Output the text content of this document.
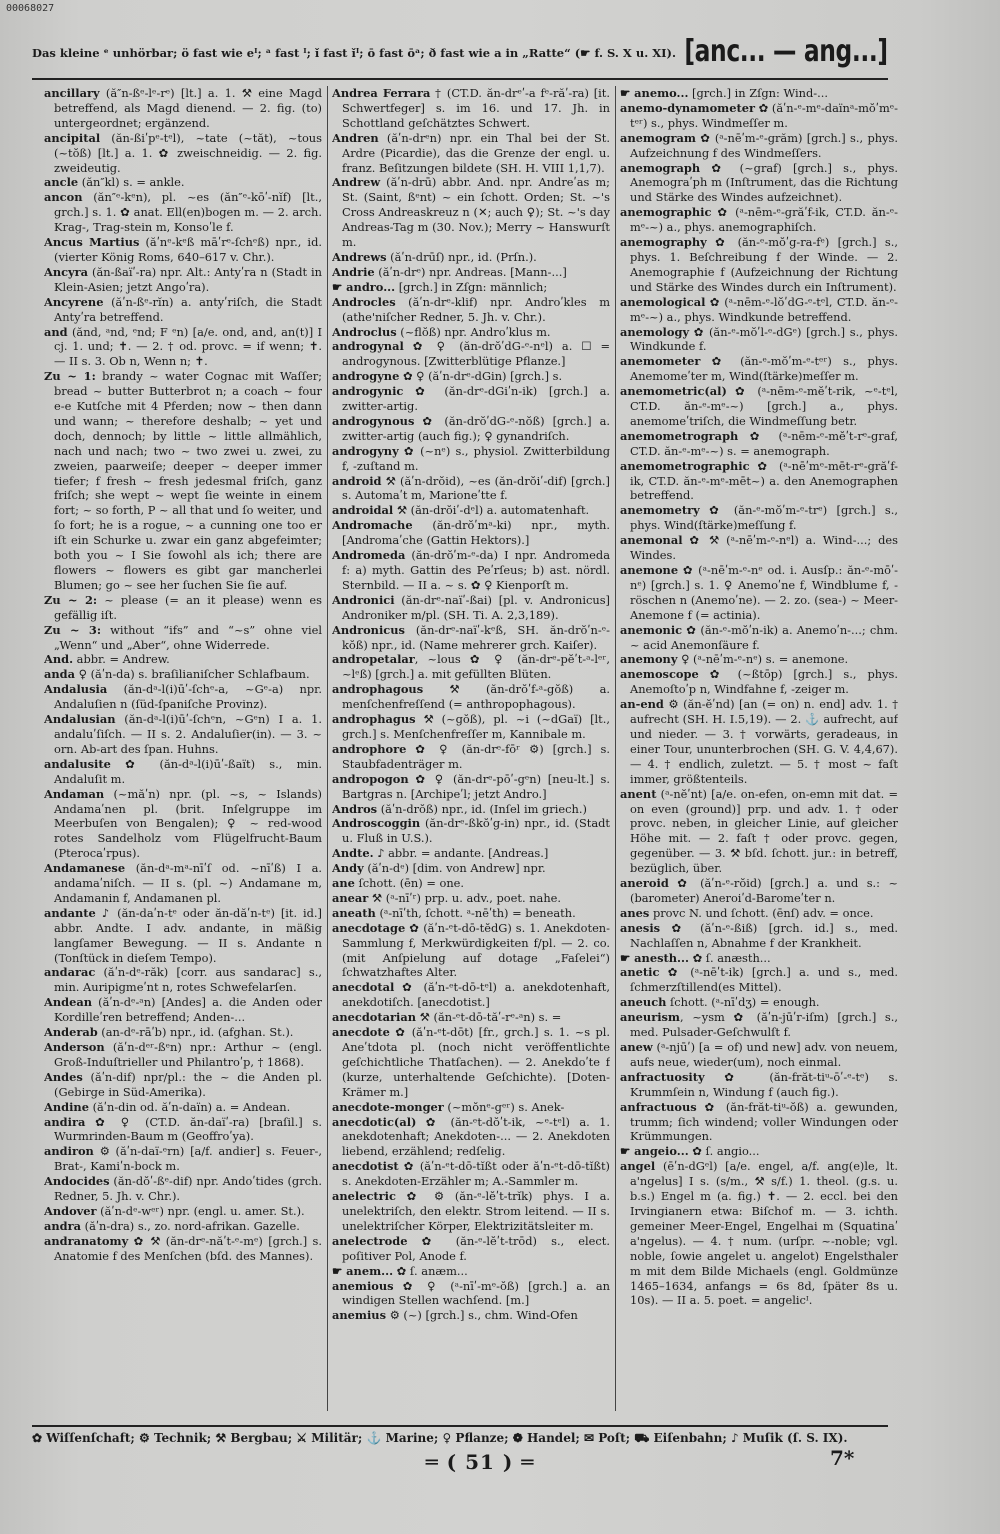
00068027
Das kleine ᵉ unhörbar; ö fast wie eᴵ; ᵃ fast ᴵ; ǐ fast ǐᴵ; ō fast ōᵃ; ð fast wie a in „Ratte“ (☛ f. S. X u. XI). [anc... — ang...]

ancillary (ă″n-ßᵉ-lᵉ-rᵉ) [lt.] a. 1. ⚒ eine Magd betreffend, als Magd dienend. — 2. fig. (to) untergeordnet; ergänzend.

ancipital (ăn-ßiʹpᵉ-tᵉl), ~tate (~tăt), ~tous (~tŏß) [lt.] a. 1. ✿ zweischneidig. — 2. fig. zweideutig.

ancle (ăn″kl) s. = ankle.

ancon (ăn″ᵉ-kᵉn), pl. ~es (ăn″ᵉ-kōʹ-nĭf) [lt., grch.] s. 1. ✿ anat. Ell(en)bogen m. — 2. arch. Krag-, Trag-stein m, Konsoʹle f.

Ancus Martius (ăʹnᵉ-kᵉß māʹrᵉ-ſchᵉß) npr., id. (vierter König Roms, 640–617 v. Chr.).

Ancyra (ăn-ßaïʹ-ra) npr. Alt.: Antyʹra n (Stadt in Klein-Asien; jetzt Angoʹra).

Ancyrene (ăʹn-ßᵉ-rĭn) a. antyʹriſch, die Stadt Antyʹra betreffend.

and (ănd, ᵃnd, ᵉnd; F ᵉn) [a/e. ond, and, an(t)] I cj. 1. und; ✝. — 2. † od. provc. = if wenn; ✝. — II s. 3. Ob n, Wenn n; ✝.

Zu ~ 1: brandy ~ water Cognac mit Waſſer; bread ~ butter Butterbrot n; a coach ~ four e-e Kutſche mit 4 Pferden; now ~ then dann und wann; ~ therefore deshalb; ~ yet und doch, dennoch; by little ~ little allmählich, nach und nach; two ~ two zwei u. zwei, zu zweien, paarweiſe; deeper ~ deeper immer tiefer; f fresh ~ fresh jedesmal friſch, ganz friſch; she wept ~ wept ſie weinte in einem fort; ~ so forth, P ~ all that und ſo weiter, und ſo fort; he is a rogue, ~ a cunning one too er iſt ein Schurke u. zwar ein ganz abgefeimter; both you ~ I Sie ſowohl als ich; there are flowers ~ flowers es gibt gar mancherlei Blumen; go ~ see her ſuchen Sie ſie auf.

Zu ~ 2: ~ please (= an it please) wenn es gefällig iſt.

Zu ~ 3: without “ifs” and “~s” ohne viel „Wenn“ und „Aber“, ohne Widerrede.

And. abbr. = Andrew.

anda ♀ (ăʹn-da) s. braſilianiſcher Schlafbaum.

Andalusia (ăn-dᵃ-l(i)ūʹ-ſchᵉ-a, ~Gᵉ-a) npr. Andaluſien n (ſüd-ſpaniſche Provinz).

Andalusian (ăn-dᵃ-l(i)ūʹ-ſchᵉn, ~Gᵉn) I a. 1. andaluʹſiſch. — II s. 2. Andaluſier(in). — 3. ~ orn. Ab-art des ſpan. Huhns.

andalusite ✿ (ăn-dᵃ-l(i)ūʹ-ßaït) s., min. Andaluſit m.

Andaman (~măʹn) npr. (pl. ~s, ~ Islands) Andamaʹnen pl. (brit. Inſelgruppe im Meerbuſen von Bengalen); ♀ ~ red-wood rotes Sandelholz vom Flügelfrucht-Baum (Pterocaʹrpus).

Andamanese (ăn-dᵃ-mᵃ-nīʹſ od. ~nīʹß) I a. andamaʹniſch. — II s. (pl. ~) Andamane m, Andamanin f, Andamanen pl.

andante ♪ (ăn-daʹn-tᵉ oder ăn-dăʹn-tᵉ) [it. id.] abbr. Andte. I adv. andante, in mäßig langſamer Bewegung. — II s. Andante n (Tonſtück in dieſem Tempo).

andarac (ăʹn-dᵉ-răk) [corr. aus sandarac] s., min. Auripigmeʹnt n, rotes Schwefelarſen.

Andean (ăʹn-dᵉ-ᵃn) [Andes] a. die Anden oder Kordilleʹren betreffend; Anden-...

Anderab (an-dᵉ-rāʹb) npr., id. (afghan. St.).

Anderson (ăʹn-dᵉʳ-ßᵉn) npr.: Arthur ~ (engl. Groß-Induſtrieller und Philantroʹp, † 1868).

Andes (ăʹn-dif) npr/pl.: the ~ die Anden pl. (Gebirge in Süd-Amerika).

Andine (ăʹn-din od. ăʹn-daïn) a. = Andean.

andira ✿ ♀ (CT.D. ăn-daïʹ-ra) [braſil.] s. Wurmrinden-Baum m (Geoffroʹya).

andiron ⚙ (ăʹn-daï-ᵉrn) [a/f. andier] s. Feuer-, Brat-, Kamiʹn-bock m.

Andocides (ăn-dŏʹ-ßᵉ-dif) npr. Andoʹtides (grch. Redner, 5. Jh. v. Chr.).

Andover (ăʹn-dᵉ-wᵉʳ) npr. (engl. u. amer. St.).

andra (ăʹn-dra) s., zo. nord-afrikan. Gazelle.

andranatomy ✿ ⚒ (ăn-drᵉ-năʹt-ᵉ-mᵉ) [grch.] s. Anatomie f des Menſchen (bſd. des Mannes).

Andrea Ferrara † (CT.D. ăn-drᵉʹ-a fᵉ-răʹ-ra) [it. Schwertfeger] s. im 16. und 17. Jh. in Schottland geſchätztes Schwert.

Andren (ăʹn-drᵉn) npr. ein Thal bei der St. Ardre (Picardie), das die Grenze der engl. u. franz. Beſitzungen bildete (SH. H. VIII 1,1,7).

Andrew (ăʹn-drū) abbr. And. npr. Andreʹas m; St. (Saint, ßᵉnt) ~ ein ſchott. Orden; St. ~'s Cross Andreaskreuz n (✕; auch ♀); St. ~'s day Andreas-Tag m (30. Nov.); Merry ~ Hanswurſt m.

Andrews (ăʹn-drūſ) npr., id. (Prſn.).

Andrie (ăʹn-drᵉ) npr. Andreas. [Mann-...]

☛ andro... [grch.] in Zſgn: männlich;

Androcles (ăʹn-drᵉ-klif) npr. Androʹkles m (athe'niſcher Redner, 5. Jh. v. Chr.).

Androclus (~flŏß) npr. Androʹklus m.

androgynal ✿ ♀ (ăn-drŏʹdG-ᵉ-nᵉl) a. ☐ = androgynous. [Zwitterblütige Pflanze.]

androgyne ✿ ♀ (ăʹn-drᵉ-dGin) [grch.] s.

androgynic ✿ (ăn-drᵉ-dGiʹn-ik) [grch.] a. zwitter-artig.

androgynous ✿ (ăn-drŏʹdG-ᵉ-nŏß) [grch.] a. zwitter-artig (auch fig.); ♀ gynandriſch.

androgyny ✿ (~nᵉ) s., physiol. Zwitterbildung f, -zuſtand m.

android ⚒ (ăʹn-drŏid), ~es (ăn-drŏiʹ-dif) [grch.] s. Automaʹt m, Marioneʹtte f.

androidal ⚒ (ăn-drŏiʹ-dᵉl) a. automatenhaft.

Andromache (ăn-drŏʹmᵃ-ki) npr., myth. [Andromaʹche (Gattin Hektors).]

Andromeda (ăn-drŏʹm-ᵉ-da) I npr. Andromeda f: a) myth. Gattin des Peʹrſeus; b) ast. nördl. Sternbild. — II a. ~ s. ✿ ♀ Kienporſt m.

Andronici (ăn-drᵉ-naïʹ-ßai) [pl. v. Andronicus] Androniker m/pl. (SH. Ti. A. 2,3,189).

Andronicus (ăn-drᵉ-naïʹ-kᵉß, SH. ăn-drŏʹn-ᵉ-kŏß) npr., id. (Name mehrerer grch. Kaiſer).

andropetalar, ~lous ✿ ♀ (ăn-drᵉ-pĕʹt-ᵃ-lᵉʳ, ~lᵉß) [grch.] a. mit gefüllten Blüten.

androphagous ⚒ (ăn-drŏʹf-ᵃ-gŏß) a. menſchenfreſſend (= anthropophagous).

androphagus ⚒ (~gŏß), pl. ~i (~dGaï) [lt., grch.] s. Menſchenfreſſer m, Kannibale m.

androphore ✿ ♀ (ăn-drᵉ-fōʳ ⚙) [grch.] s. Staubfadenträger m.

andropogon ✿ ♀ (ăn-drᵉ-pōʹ-gᵉn) [neu-lt.] s. Bartgras n. [Archipeʹl; jetzt Andro.]

Andros (ăʹn-drŏß) npr., id. (Inſel im griech.)

Androscoggin (ăn-drᵉ-ßkŏʹg-in) npr., id. (Stadt u. Fluß in U.S.).

Andte. ♪ abbr. = andante. [Andreas.]

Andy (ăʹn-dᵉ) [dim. von Andrew] npr.

ane ſchott. (ēn) = one.

anear ⚒ (ᵃ-nīʹʳ) prp. u. adv., poet. nahe.

aneath (ᵃ-nīʹth, ſchott. ᵃ-nēʹth) = beneath.

anecdotage ✿ (ăʹn-ᵉt-dō-tĕdG) s. 1. Anekdoten-Sammlung f, Merkwürdigkeiten f/pl. — 2. co. (mit Anſpielung auf dotage „Faſelei“) ſchwatzhaftes Alter.

anecdotal ✿ (ăʹn-ᵉt-dō-tᵉl) a. anekdotenhaft, anekdotiſch. [anecdotist.]

anecdotarian ⚒ (ăn-ᵉt-dō-tăʹ-rᵉ-ᵃn) s. =

anecdote ✿ (ăʹn-ᵉt-dōt) [fr., grch.] s. 1. ~s pl. Aneʹtdota pl. (noch nicht veröffentlichte geſchichtliche Thatſachen). — 2. Anekdoʹte f (kurze, unterhaltende Geſchichte). [Doten-Krämer m.]

anecdote-monger (~mŏnᵉ-gᵉʳ) s. Anek-

anecdotic(al) ✿ (ăn-ᵉt-dŏʹt-ik, ~ᵉ-tᵉl) a. 1. anekdotenhaft; Anekdoten-... — 2. Anekdoten liebend, erzählend; redſelig.

anecdotist ✿ (ăʹn-ᵉt-dō-tĭßt oder ăʹn-ᵉt-dō-tĭßt) s. Anekdoten-Erzähler m; A.-Sammler m.

anelectric ✿ ⚙ (ăn-ᵉ-lĕʹt-trĭk) phys. I a. unelektriſch, den elektr. Strom leitend. — II s. unelektriſcher Körper, Elektrizitätsleiter m.

anelectrode ✿ (ăn-ᵉ-lĕʹt-trōd) s., elect. poſitiver Pol, Anode f.

☛ anem... ✿ ſ. anæm...

anemious ✿ ♀ (ᵃ-nīʹ-mᵉ-ŏß) [grch.] a. an windigen Stellen wachſend. [m.]

anemius ⚙ (~) [grch.] s., chm. Wind-Ofen

☛ anemo... [grch.] in Zſgn: Wind-...

anemo-dynamometer ✿ (ăʹn-ᵉ-mᵉ-daïnᵃ-mŏʹmᵉ-tᵉʳ) s., phys. Windmeſſer m.

anemogram ✿ (ᵃ-nēʹm-ᵉ-grăm) [grch.] s., phys. Aufzeichnung f des Windmeſſers.

anemograph ✿ (~graf) [grch.] s., phys. Anemograʹph m (Inſtrument, das die Richtung und Stärke des Windes aufzeichnet).

anemographic ✿ (ᵃ-nēm-ᵉ-grăʹf-ik, CT.D. ăn-ᵉ-mᵉ-~) a., phys. anemographiſch.

anemography ✿ (ăn-ᵉ-mŏʹg-ra-fᵉ) [grch.] s., phys. 1. Beſchreibung f der Winde. — 2. Anemographie f (Aufzeichnung der Richtung und Stärke des Windes durch ein Inſtrument).

anemological ✿ (ᵃ-nēm-ᵉ-lŏʹdG-ᵉ-tᵉl, CT.D. ăn-ᵉ-mᵉ-~) a., phys. Windkunde betreffend.

anemology ✿ (ăn-ᵉ-mŏʹl-ᵉ-dGᵉ) [grch.] s., phys. Windkunde f.

anemometer ✿ (ăn-ᵉ-mŏʹm-ᵉ-tᵉʳ) s., phys. Anemomeʹter m, Wind(ſtärke)meſſer m.

anemometric(al) ✿ (ᵃ-nēm-ᵉ-mĕʹt-rik, ~ᵉ-tᵉl, CT.D. ăn-ᵉ-mᵉ-~) [grch.] a., phys. anemomeʹtriſch, die Windmeſſung betr.

anemometrograph ✿ (ᵃ-nēm-ᵉ-mĕʹt-rᵉ-graf, CT.D. ăn-ᵉ-mᵉ-~) s. = anemograph.

anemometrographic ✿ (ᵃ-nēʹmᵉ-mēt-rᵉ-grăʹf-ik, CT.D. ăn-ᵉ-mᵉ-mēt~) a. den Anemographen betreffend.

anemometry ✿ (ăn-ᵉ-mŏʹm-ᵉ-trᵉ) [grch.] s., phys. Wind(ſtärke)meſſung f.

anemonal ✿ ⚒ (ᵃ-nēʹm-ᵉ-nᵉl) a. Wind-...; des Windes.

anemone ✿ (ᵃ-nēʹm-ᵉ-nᵉ od. i. Ausſp.: ăn-ᵉ-mōʹ-nᵉ) [grch.] s. 1. ♀ Anemoʹne f, Windblume f, -röschen n (Anemoʹne). — 2. zo. (sea-) ~ Meer-Anemone f (= actinia).

anemonic ✿ (ăn-ᵉ-mŏʹn-ik) a. Anemoʹn-...; chm. ~ acid Anemonſäure f.

anemony ♀ (ᵃ-nēʹm-ᵉ-nᵉ) s. = anemone.

anemoscope ✿ (~ßtōp) [grch.] s., phys. Anemoſtoʹp n, Windfahne f, -zeiger m.

an-end ⚙ (ăn-ĕʹnd) [an (= on) n. end] adv. 1. † aufrecht (SH. H. I.5,19). — 2. ⚓ aufrecht, auf und nieder. — 3. † vorwärts, geradeaus, in einer Tour, ununterbrochen (SH. G. V. 4,4,67). — 4. † endlich, zuletzt. — 5. † most ~ faſt immer, größtenteils.

anent (ᵃ-nĕʹnt) [a/e. on-efen, on-emn mit dat. = on even (ground)] prp. und adv. 1. † oder provc. neben, in gleicher Linie, auf gleicher Höhe mit. — 2. faſt † oder provc. gegen, gegenüber. — 3. ⚒ bſd. ſchott. jur.: in betreff, bezüglich, über.

aneroid ✿ (ăʹn-ᵉ-rŏid) [grch.] a. und s.: ~ (barometer) Aneroiʹd-Baromeʹter n.

anes provc N. und ſchott. (ēnſ) adv. = once.

anesis ✿ (ăʹn-ᵉ-ßiß) [grch. id.] s., med. Nachlaſſen n, Abnahme f der Krankheit.

☛ anesth... ✿ ſ. anæsth...

anetic ✿ (ᵃ-nēʹt-ik) [grch.] a. und s., med. ſchmerzſtillend(es Mittel).

aneuch ſchott. (ᵃ-nīʹdʒ) = enough.

aneurism, ~ysm ✿ (ăʹn-jūʹr-iſm) [grch.] s., med. Pulsader-Geſchwulſt f.

anew (ᵃ-njūʹ) [a = of) und new] adv. von neuem, aufs neue, wieder(um), noch einmal.

anfractuosity ✿ (ăn-frăt-tiᵘ-ōʹ-ᵉ-tᵉ) s. Krummſein n, Windung f (auch fig.).

anfractuous ✿ (ăn-frăt-tiᵘ-ŏß) a. gewunden, trumm; ſich windend; voller Windungen oder Krümmungen.

☛ angeio... ✿ ſ. angio...

angel (ēʹn-dGᵉl) [a/e. engel, a/f. ang(e)le, lt. a'ngelus] I s. (s/m., ⚒ s/f.) 1. theol. (g.s. u. b.s.) Engel m (a. fig.) ✝. — 2. eccl. bei den Irvingianern etwa: Biſchof m. — 3. ichth. gemeiner Meer-Engel, Engelhai m (Squatinaʹ a'ngelus). — 4. † num. (urſpr. ~-noble; vgl. noble, ſowie angelet u. angelot) Engelsthaler m mit dem Bilde Michaels (engl. Goldmünze 1465–1634, anfangs = 6s 8d, ſpäter 8s u. 10s). — II a. 5. poet. = angelicᴵ.

✿ Wiſſenſchaft; ⚙ Technik; ⚒ Bergbau; ⚔ Militär; ⚓ Marine; ♀ Pflanze; ❁ Handel; ✉ Poſt; ⛟ Eiſenbahn; ♪ Muſik (ſ. S. IX).
═ ( 51 ) ═	7*
